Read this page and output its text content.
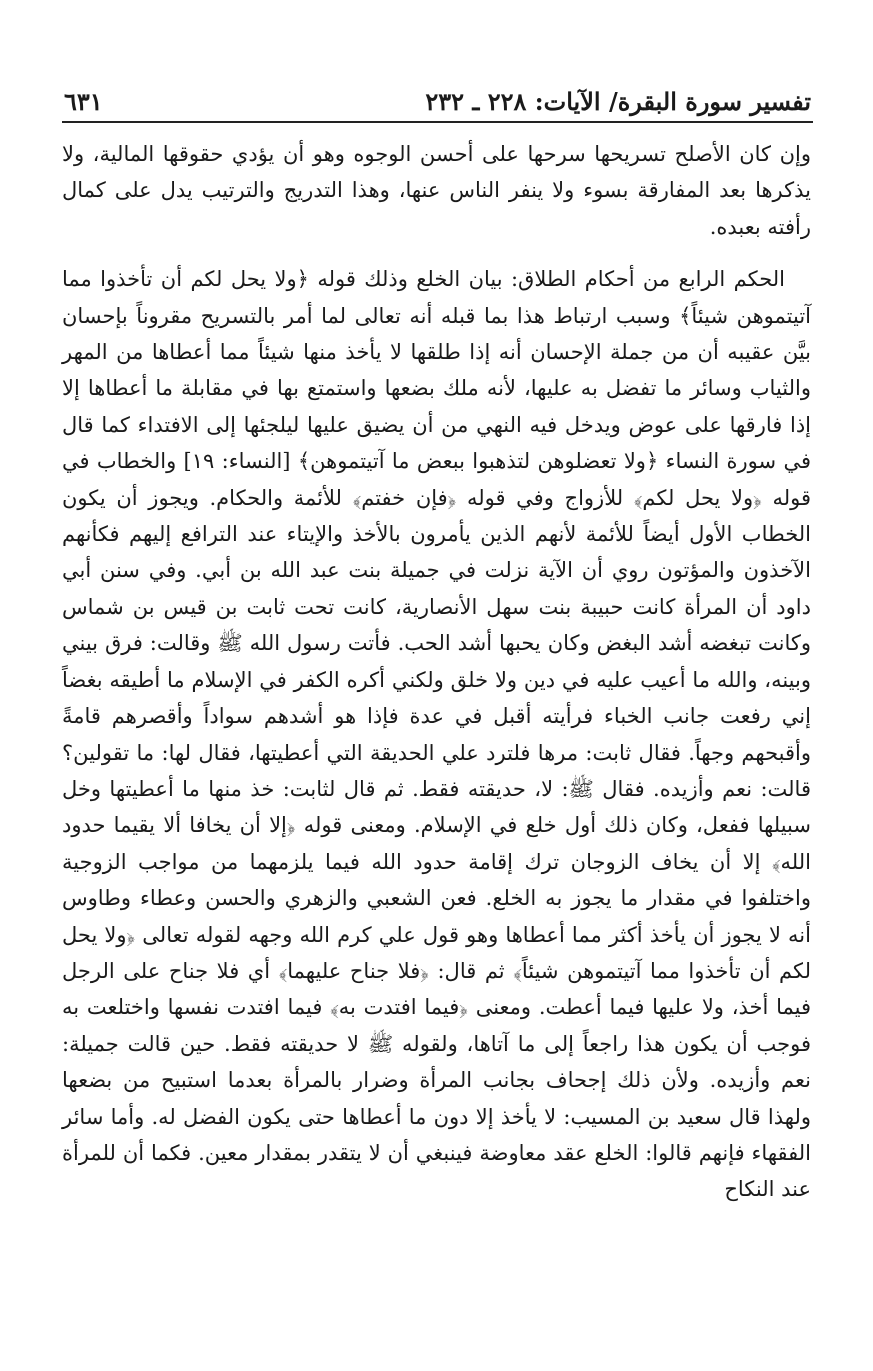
تفسير سورة البقرة/ الآيات: ٢٢٨ ـ ٢٣٢
٦٣١

وإن كان الأصلح تسريحها سرحها على أحسن الوجوه وهو أن يؤدي حقوقها المالية، ولا يذكرها بعد المفارقة بسوء ولا ينفر الناس عنها، وهذا التدريج والترتيب يدل على كمال رأفته بعبده.

الحكم الرابع من أحكام الطلاق: بيان الخلع وذلك قوله ﴿ولا يحل لكم أن تأخذوا مما آتيتموهن شيئاً﴾ وسبب ارتباط هذا بما قبله أنه تعالى لما أمر بالتسريح مقروناً بإحسان بيَّن عقيبه أن من جملة الإحسان أنه إذا طلقها لا يأخذ منها شيئاً مما أعطاها من المهر والثياب وسائر ما تفضل به عليها، لأنه ملك بضعها واستمتع بها في مقابلة ما أعطاها إلا إذا فارقها على عوض ويدخل فيه النهي من أن يضيق عليها ليلجئها إلى الافتداء كما قال في سورة النساء ﴿ولا تعضلوهن لتذهبوا ببعض ما آتيتموهن﴾ [النساء: ١٩] والخطاب في قوله ﴿ولا يحل لكم﴾ للأزواج وفي قوله ﴿فإن خفتم﴾ للأئمة والحكام. ويجوز أن يكون الخطاب الأول أيضاً للأئمة لأنهم الذين يأمرون بالأخذ والإيتاء عند الترافع إليهم فكأنهم الآخذون والمؤتون روي أن الآية نزلت في جميلة بنت عبد الله بن أبي. وفي سنن أبي داود أن المرأة كانت حبيبة بنت سهل الأنصارية، كانت تحت ثابت بن قيس بن شماس وكانت تبغضه أشد البغض وكان يحبها أشد الحب. فأتت رسول الله ﷺ وقالت: فرق بيني وبينه، والله ما أعيب عليه في دين ولا خلق ولكني أكره الكفر في الإسلام ما أطيقه بغضاً إني رفعت جانب الخباء فرأيته أقبل في عدة فإذا هو أشدهم سواداً وأقصرهم قامةً وأقبحهم وجهاً. فقال ثابت: مرها فلترد علي الحديقة التي أعطيتها، فقال لها: ما تقولين؟ قالت: نعم وأزيده. فقال ﷺ: لا، حديقته فقط. ثم قال لثابت: خذ منها ما أعطيتها وخل سبيلها ففعل، وكان ذلك أول خلع في الإسلام. ومعنى قوله ﴿إلا أن يخافا ألا يقيما حدود الله﴾ إلا أن يخاف الزوجان ترك إقامة حدود الله فيما يلزمهما من مواجب الزوجية واختلفوا في مقدار ما يجوز به الخلع. فعن الشعبي والزهري والحسن وعطاء وطاوس أنه لا يجوز أن يأخذ أكثر مما أعطاها وهو قول علي كرم الله وجهه لقوله تعالى ﴿ولا يحل لكم أن تأخذوا مما آتيتموهن شيئاً﴾ ثم قال: ﴿فلا جناح عليهما﴾ أي فلا جناح على الرجل فيما أخذ، ولا عليها فيما أعطت. ومعنى ﴿فيما افتدت به﴾ فيما افتدت نفسها واختلعت به فوجب أن يكون هذا راجعاً إلى ما آتاها، ولقوله ﷺ لا حديقته فقط. حين قالت جميلة: نعم وأزيده. ولأن ذلك إجحاف بجانب المرأة وضرار بالمرأة بعدما استبيح من بضعها ولهذا قال سعيد بن المسيب: لا يأخذ إلا دون ما أعطاها حتى يكون الفضل له. وأما سائر الفقهاء فإنهم قالوا: الخلع عقد معاوضة فينبغي أن لا يتقدر بمقدار معين. فكما أن للمرأة عند النكاح
